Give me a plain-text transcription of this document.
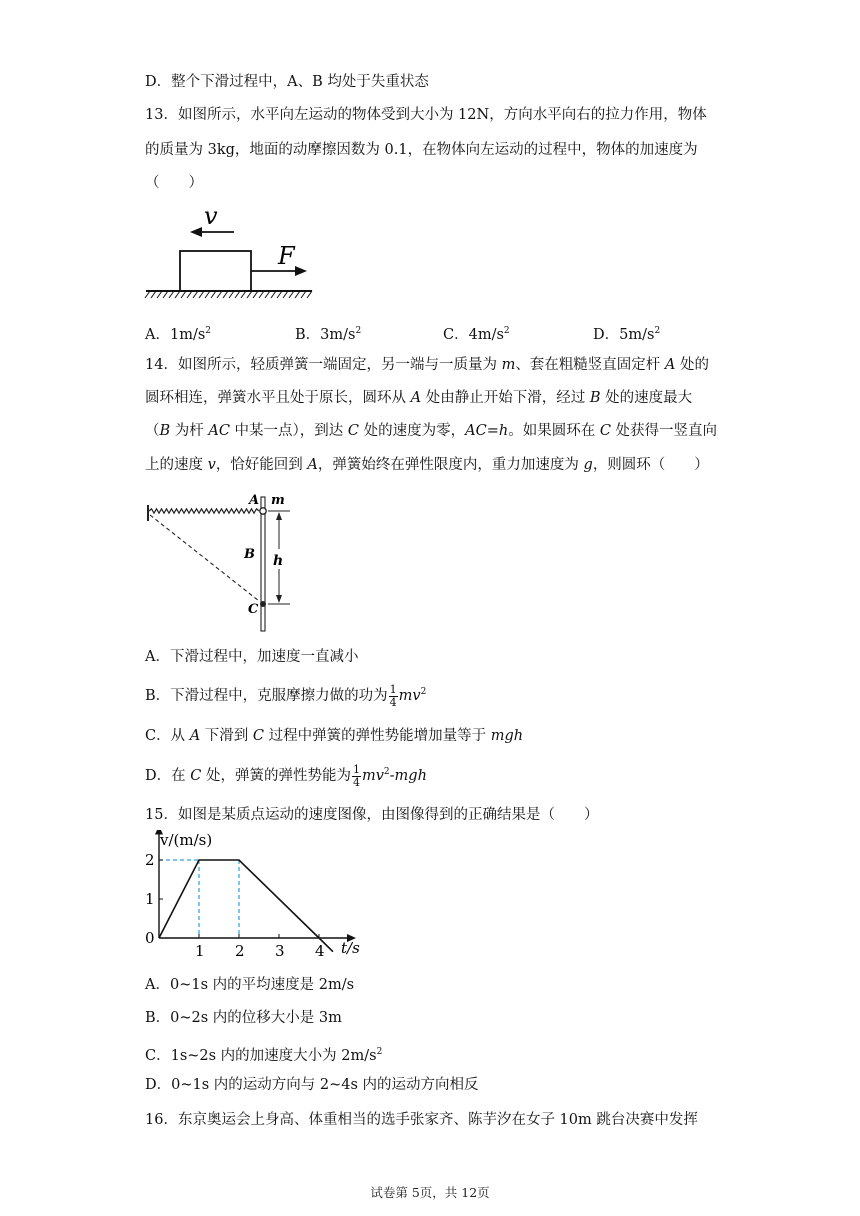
D．整个下滑过程中，A、B 均处于失重状态
13．如图所示，水平向左运动的物体受到大小为 12N，方向水平向右的拉力作用，物体
的质量为 3kg，地面的动摩擦因数为 0.1，在物体向左运动的过程中，物体的加速度为
（　　）
v
F
A．$1m/s^2$	B．$3m/s^2$	C．$4m/s^2$	D．$5m/s^2$
14．如图所示，轻质弹簧一端固定，另一端与一质量为 m、套在粗糙竖直固定杆 A 处的
圆环相连，弹簧水平且处于原长，圆环从 A 处由静止开始下滑，经过 B 处的速度最大
（B 为杆 AC 中某一点），到达 C 处的速度为零，AC=h。如果圆环在 C 处获得一竖直向
上的速度 v，恰好能回到 A，弹簧始终在弹性限度内，重力加速度为 g，则圆环（　　）
A m
B
C
h
A．下滑过程中，加速度一直减小
B．下滑过程中，克服摩擦力做的功为 $\frac{1}{4} mv^2$
C．从 A 下滑到 C 过程中弹簧的弹性势能增加量等于 mgh
D．在 C 处，弹簧的弹性势能为 $\frac{1}{4} mv^2-mgh$
15．如图是某质点运动的速度图像，由图像得到的正确结果是（　　）
1 2 3 4
0
1
2
v/(m/s)
t/s
A．0~1s 内的平均速度是 2m/s
B．0~2s 内的位移大小是 3m
C．1s~2s 内的加速度大小为 $2m/s^2$
D．0~1s 内的运动方向与 2~4s 内的运动方向相反
16．东京奥运会上身高、体重相当的选手张家齐、陈芋汐在女子 10m 跳台决赛中发挥
试卷第 5页，共 12页
